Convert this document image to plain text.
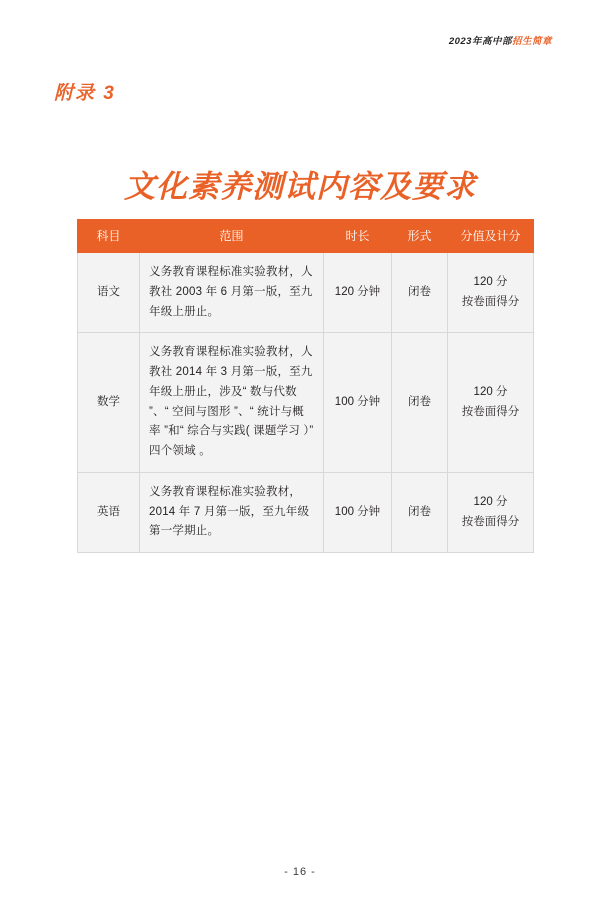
2023年高中部招生简章
附录 3
文化素养测试内容及要求
科目	范围	时长	形式	分值及计分
语文	义务教育课程标准实验教材，人教社 2003 年 6 月第一版，至九年级上册止。	120 分钟	闭卷	120 分
按卷面得分

数学	义务教育课程标准实验教材，人教社 2014 年 3 月第一版，至九年级上册止，涉及“ 数与代数 ”、“ 空间与图形 ”、“ 统计与概率 ”和“ 综合与实践( 课题学习 ）” 四个领域 。	100 分钟	闭卷	120 分
按卷面得分

英语	义务教育课程标准实验教材，2014 年 7 月第一版，至九年级第一学期止。	100 分钟	闭卷	120 分
按卷面得分
- 16 -
